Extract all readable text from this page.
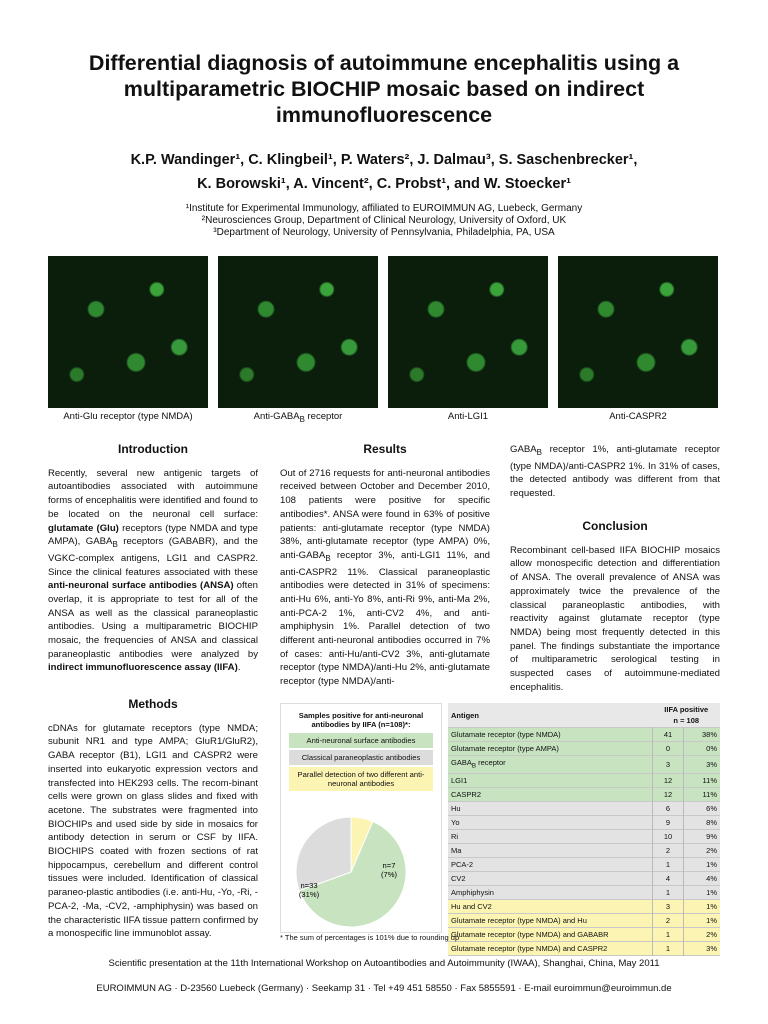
Differential diagnosis of autoimmune encephalitis using a multiparametric BIOCHIP mosaic based on indirect immunofluorescence
K.P. Wandinger¹, C. Klingbeil¹, P. Waters², J. Dalmau³, S. Saschenbrecker¹,
K. Borowski¹, A. Vincent², C. Probst¹, and W. Stoecker¹
¹Institute for Experimental Immunology, affiliated to EUROIMMUN AG, Luebeck, Germany
²Neurosciences Group, Department of Clinical Neurology, University of Oxford, UK
³Department of Neurology, University of Pennsylvania, Philadelphia, PA, USA
Anti-Glu receptor (type NMDA)	Anti-$GABA_B$ receptor	Anti-LGI1	Anti-CASPR2
Introduction

Recently, several new antigenic targets of autoantibodies associated with autoimmune forms of encephalitis were identified and found to be located on the neuronal cell surface: glutamate (Glu) receptors (type NMDA and type AMPA), $GABA_B$ receptors (GABABR), and the VGKC-complex antigens, LGI1 and CASPR2. Since the clinical features associated with these anti-neuronal surface antibodies (ANSA) often overlap, it is appropriate to test for all of the ANSA as well as the classical paraneoplastic antibodies. Using a multiparametric BIOCHIP mosaic, the frequencies of ANSA and classical paraneoplastic antibodies were analyzed by indirect immunofluorescence assay (IIFA).

Methods

cDNAs for glutamate receptors (type NMDA; subunit NR1 and type AMPA; GluR1/GluR2), GABA receptor (B1), LGI1 and CASPR2 were inserted into eukaryotic expression vectors and transfected into HEK293 cells. The recom-binant cells were grown on glass slides and fixed with acetone. The substrates were fragmented into BIOCHIPs and used side by side in mosaics for antibody detection in serum or CSF by IIFA. BIOCHIPS coated with frozen sections of rat hippocampus, cerebellum and different control tissues were included. Identification of classical paraneo-plastic antibodies (i.e. anti-Hu, -Yo, -Ri, -PCA-2, -Ma, -CV2, -amphiphysin) was based on the characteristic IIFA tissue pattern confirmed by a monospecific line immunoblot assay.

Results

Out of 2716 requests for anti-neuronal antibodies received between October and December 2010, 108 patients were positive for specific antibodies*. ANSA were found in 63% of positive patients: anti-glutamate receptor (type NMDA) 38%, anti-glutamate receptor (type AMPA) 0%, anti-$GABA_B$ receptor 3%, anti-LGI1 11%, and anti-CASPR2 11%. Classical paraneoplastic antibodies were detected in 31% of specimens: anti-Hu 6%, anti-Yo 8%, anti-Ri 9%, anti-Ma 2%, anti-PCA-2 1%, anti-CV2 4%, and anti-amphiphysin 1%. Parallel detection of two different anti-neuronal antibodies occurred in 7% of cases: anti-Hu/anti-CV2 3%, anti-glutamate receptor (type NMDA)/anti-Hu 2%, anti-glutamate receptor (type NMDA)/anti-

$GABA_B$ receptor 1%, anti-glutamate receptor (type NMDA)/anti-CASPR2 1%. In 31% of cases, the detected antibody was different from that requested.

Conclusion

Recombinant cell-based IIFA BIOCHIP mosaics allow monospecific detection and differentiation of ANSA. The overall prevalence of ANSA was approximately twice the prevalence of the classical paraneoplastic antibodies, with reactivity against glutamate receptor (type NMDA) being most frequently detected in this panel. The findings substantiate the importance of multiparametric serological testing in suspected cases of autoimmune-mediated encephalitis.

Samples positive for anti-neuronal antibodies by IIFA (n=108)*:
Anti-neuronal surface antibodies
Classical paraneoplastic antibodies
Parallel detection of two different anti-neuronal antibodies
n=33 (31%)
n=7 (7%)
Antigen	IIFA positive
n = 108	

Glutamate receptor (type NMDA)	41	38%
Glutamate receptor (type AMPA)	0	0%
$GABA_B$ receptor	3	3%
LGI1	12	11%
CASPR2	12	11%
Hu	6	6%
Yo	9	8%
Ri	10	9%
Ma	2	2%
PCA-2	1	1%
CV2	4	4%
Amphiphysin	1	1%
Hu and CV2	3	1%
Glutamate receptor (type NMDA) and Hu	2	1%
Glutamate receptor (type NMDA) and GABABR	1	2%
Glutamate receptor (type NMDA) and CASPR2	1	3%
* The sum of percentages is 101% due to rounding up
Scientific presentation at the 11th International Workshop on Autoantibodies and Autoimmunity (IWAA), Shanghai, China, May 2011
EUROIMMUN AG · D-23560 Luebeck (Germany) · Seekamp 31 · Tel +49 451 58550 · Fax 5855591 · E-mail euroimmun@euroimmun.de
